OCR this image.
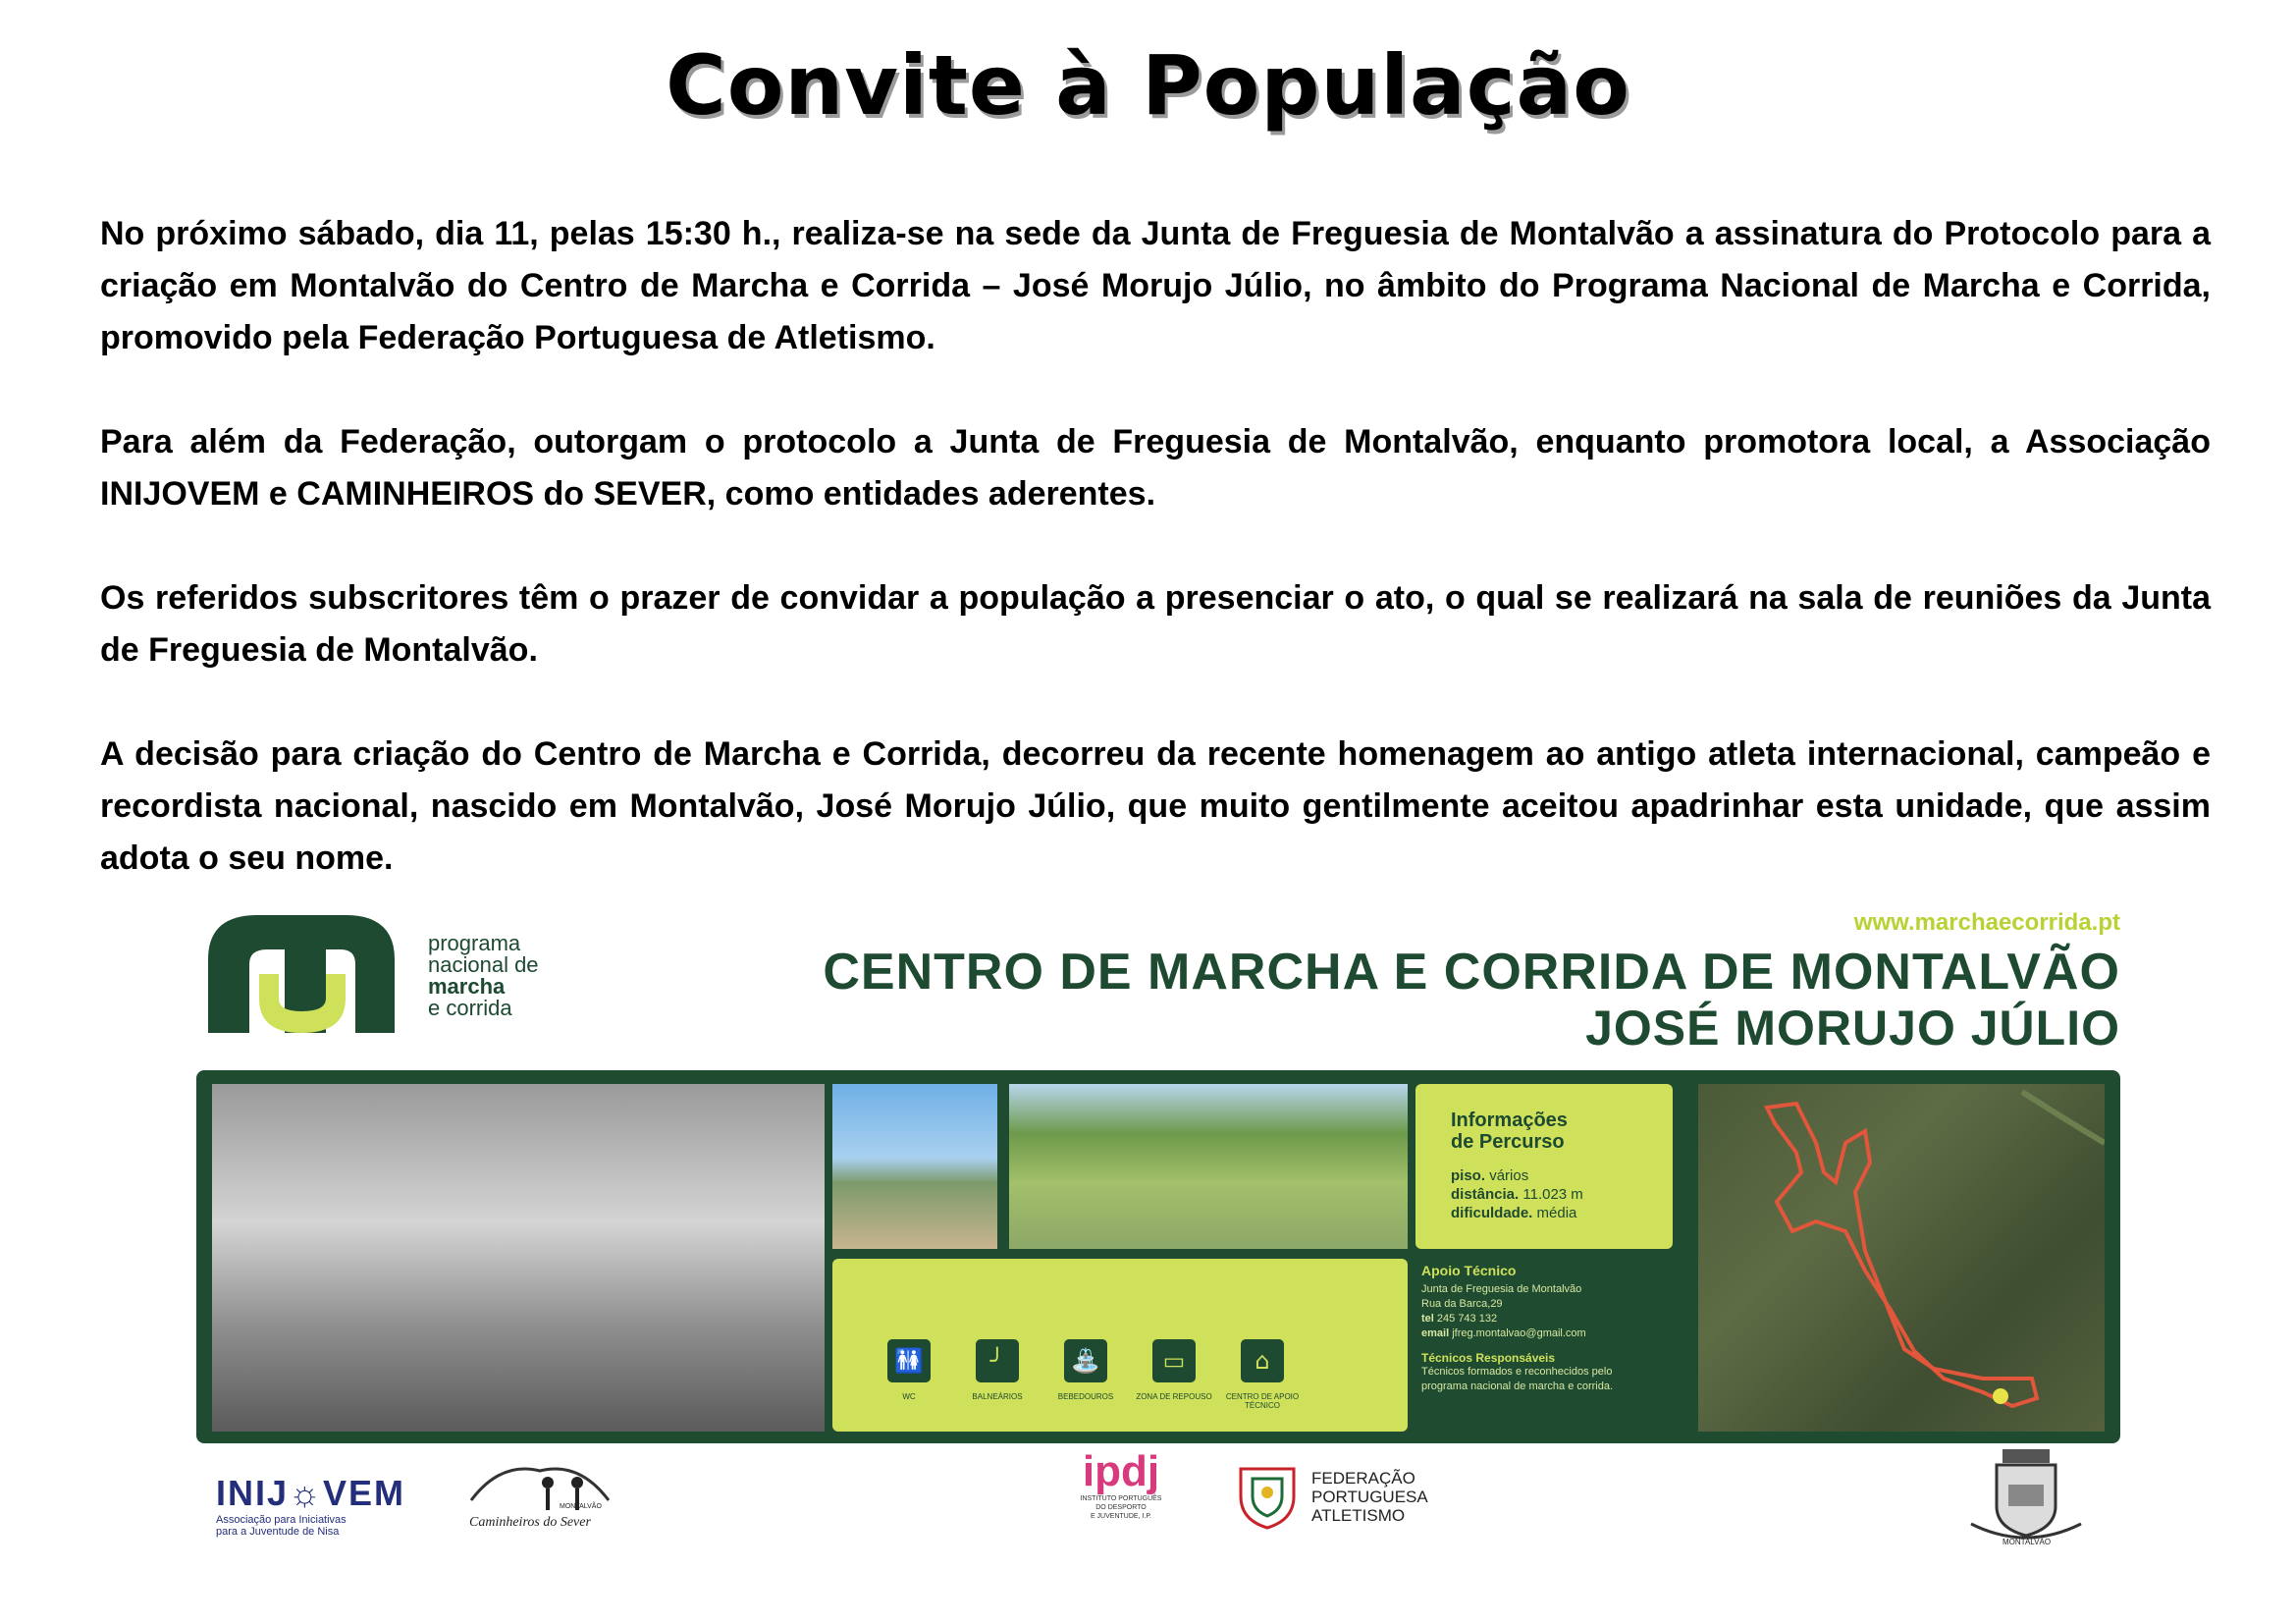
Convite à População

No próximo sábado, dia 11, pelas 15:30 h., realiza-se na sede da Junta de Freguesia de Montalvão a assinatura do Protocolo para a criação em Montalvão do Centro de Marcha e Corrida – José Morujo Júlio, no âmbito do Programa Nacional de Marcha e Corrida, promovido pela Federação Portuguesa de Atletismo.

Para além da Federação, outorgam o protocolo a Junta de Freguesia de Montalvão, enquanto promotora local, a Associação INIJOVEM e CAMINHEIROS do SEVER, como entidades aderentes.

Os referidos subscritores têm o prazer de convidar a população a presenciar o ato, o qual se realizará na sala de reuniões da Junta de Freguesia de Montalvão.

A decisão para criação do Centro de Marcha e Corrida, decorreu da recente homenagem ao antigo atleta internacional, campeão e recordista nacional, nascido em Montalvão, José Morujo Júlio, que muito gentilmente aceitou apadrinhar esta unidade, que assim adota o seu nome.

programa
nacional de
marcha
e corrida
www.marchaecorrida.pt
CENTRO DE MARCHA E CORRIDA DE MONTALVÃO
JOSÉ MORUJO JÚLIO
Informações
de Percurso
piso. vários
distância. 11.023 m
dificuldade. média
🚻
WC
╯
BALNEÁRIOS
⛲
BEBEDOUROS
▭
ZONA DE REPOUSO
⌂
CENTRO DE APOIO TÉCNICO
Apoio Técnico
Junta de Freguesia de Montalvão
Rua da Barca,29
tel 245 743 132
email jfreg.montalvao@gmail.com
Técnicos Responsáveis
Técnicos formados e reconhecidos pelo
programa nacional de marcha e corrida.
INIJ☼VEM
Associação para Iniciativas
para a Juventude de Nisa
Caminheiros do Sever
MONTALVÃO
ipdj
INSTITUTO PORTUGUÊS
DO DESPORTO
E JUVENTUDE, I.P.
FEDERAÇÃO
PORTUGUESA
ATLETISMO
MONTALVÃO
